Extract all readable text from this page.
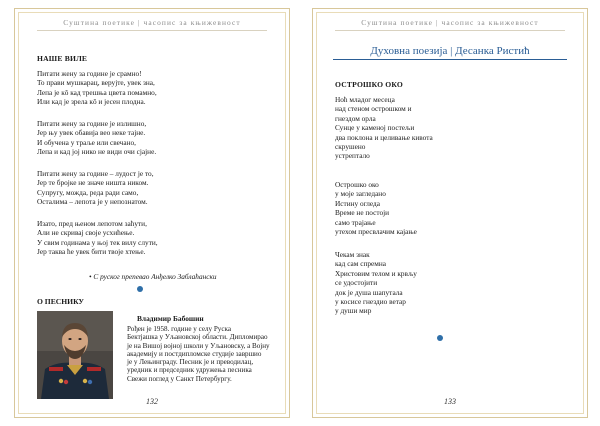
Суштина поетике | часопис за књижевност
НАШЕ ВИЛЕ
Питати жену за године је срамно!
То прави мушкарац, верујте, увек зна,
Лепа је кô кад трешња цвета помамно,
Или кад је зрела кô и јесен плодна.
Питати жену за године је излишно,
Јер њу увек обавија вео неке тајне.
И обучена у траље или свечано,
Лепа и кад јој нико не види очи сјајне.
Питати жену за године – лудост је то,
Јер те бројке не значе ништа ником.
Супругу, можда, реда ради само,
Осталима – лепота је у непознатом.
Изато, пред њеном лепотом заћути,
Али не скривај своје усхићење.
У свим годинама у њој тек вилу слути,
Јер таква ће увек бити твоје хтење.
• С руског препевао Анђелко Заблаћански
О ПЕСНИКУ
Владимир Бабошин
Рођен је 1958. године у селу Руска
Бектјашка у Уљановској области. Дипломирао
је на Вишој војној школи у Уљановску, а Војну
академију и постдипломске студије завршио
је у Лењинграду. Песник је и преводилац,
уредник и председник удружења песника
Свежи поглед у Санкт Петербургу.
132
Суштина поетике | часопис за књижевност
Духовна поезија | Десанка Ристић
ОСТРОШКО ОКО
Ноћ младог месеца
над стеном острошком и
гнездом орла
Сунце у каменој постељи
два поклона и целивање кивота
скрушено
устрептало
Острошко око
у моје загледано
Истину огледа
Време не постоји
само трајање
утехом пресвлачим кајање
Чекам знак
кад сам спремна
Христовим телом и крвљу
се удостојити
док је душа шапутала
у косисе гнездио ветар
у души мир
133
